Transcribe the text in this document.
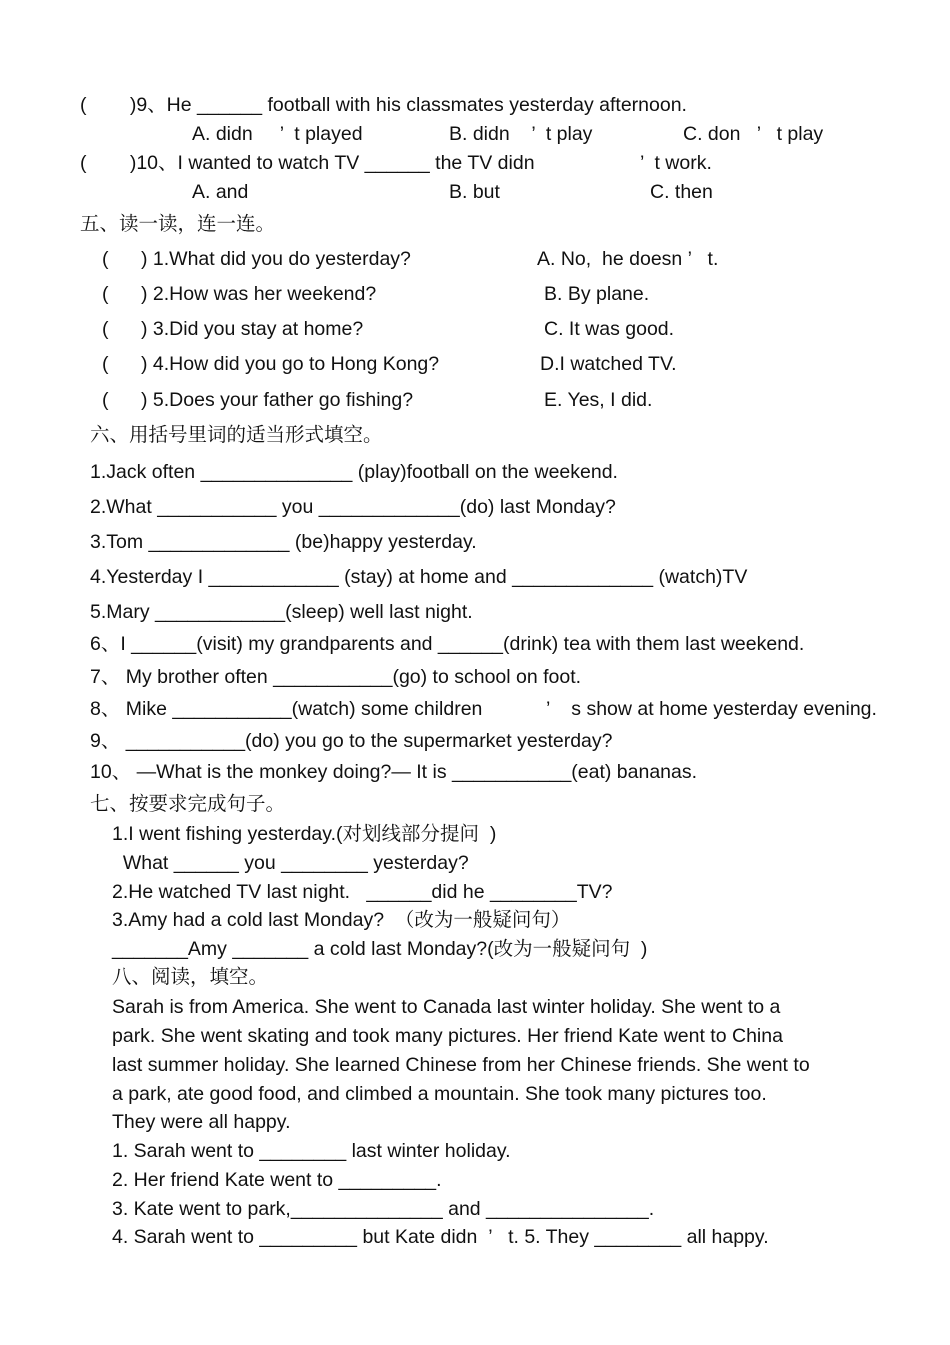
(        )9、He ______ football with his classmates yesterday afternoon.
A. didn     ’  t played	B. didn    ’  t play	C. don   ’   t play
(        )10、I wanted to watch TV ______ the TV didn	’  t work.
A. and	B. but	C. then
五、读一读，连一连。
(      ) 1.What did you do yesterday?	A. No,  he doesn ’   t.
(      ) 2.How was her weekend?	B. By plane.
(      ) 3.Did you stay at home?	C. It was good.
(      ) 4.How did you go to Hong Kong?	D.I watched TV.
(      ) 5.Does your father go fishing?	E. Yes, I did.
六、用括号里词的适当形式填空。
1.Jack often ______________ (play)football on the weekend.
2.What ___________ you _____________(do) last Monday?
3.Tom _____________ (be)happy yesterday.
4.Yesterday I ____________ (stay) at home and _____________ (watch)TV
5.Mary ____________(sleep) well last night.
6、I ______(visit) my grandparents and ______(drink) tea with them last weekend.
7、 My brother often ___________(go) to school on foot.
8、 Mike ___________(watch) some children	’    s show at home yesterday evening.
9、 ___________(do) you go to the supermarket yesterday?
10、 —What is the monkey doing?— It is ___________(eat) bananas.
七、按要求完成句子。
1.I went fishing yesterday.(对划线部分提问  )
What ______ you ________ yesterday?
2.He watched TV last night.   ______did he ________TV?
3.Amy had a cold last Monday?  （改为一般疑问句）
_______Amy _______ a cold last Monday?(改为一般疑问句  )
八、阅读，填空。
Sarah is from America. She went to Canada last winter holiday. She went to a
park. She went skating and took many pictures. Her friend Kate went to China
last summer holiday. She learned Chinese from her Chinese friends. She went to
a park, ate good food, and climbed a mountain. She took many pictures too.
They were all happy.
1. Sarah went to ________ last winter holiday.
2. Her friend Kate went to _________.
3. Kate went to park,______________ and _______________.
4. Sarah went to _________ but Kate didn  ’   t. 5. They ________ all happy.
